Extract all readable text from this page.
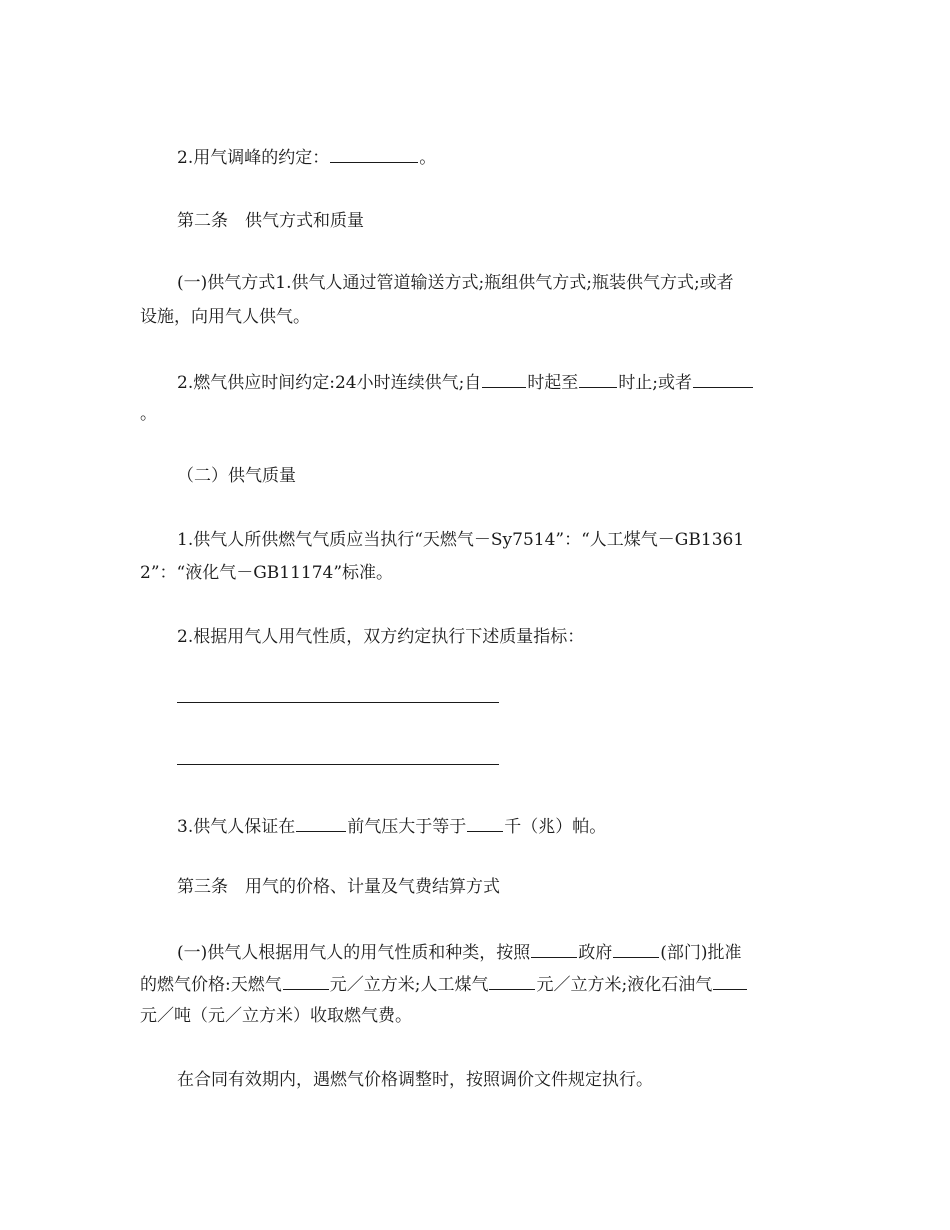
2.用气调峰的约定：	。
第二条　供气方式和质量
(一)供气方式1.供气人通过管道输送方式;瓶组供气方式;瓶装供气方式;或者
设施，向用气人供气。
2.燃气供应时间约定:24小时连续供气;自	时起至 时止;或者
。
（二）供气质量
1.供气人所供燃气气质应当执行“天燃气－Sy7514”：“人工煤气－GB1361
2”：“液化气－GB11174”标准。
2.根据用气人用气性质，双方约定执行下述质量指标：
3.供气人保证在	前气压大于等于 千（兆）帕。
第三条　用气的价格、计量及气费结算方式
(一)供气人根据用气人的用气性质和种类，按照	政府	(部门)批准
的燃气价格:天燃气	元／立方米;人工煤气	元／立方米;液化石油气
元／吨（元／立方米）收取燃气费。
在合同有效期内，遇燃气价格调整时，按照调价文件规定执行。
